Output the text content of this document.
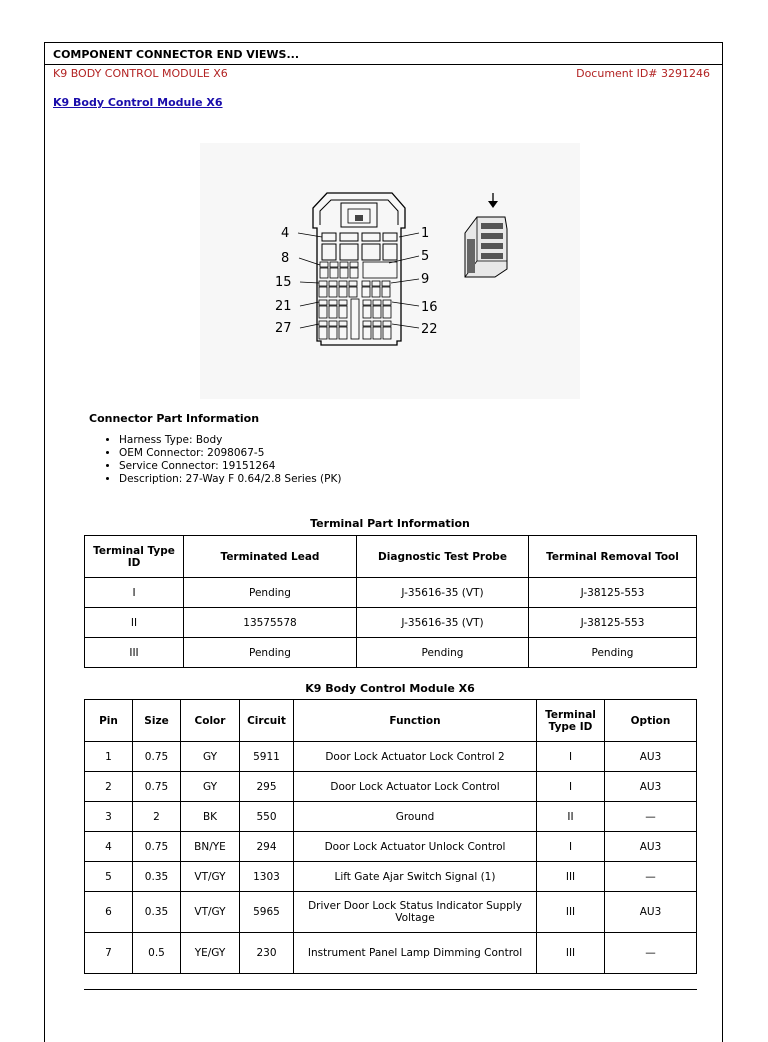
COMPONENT CONNECTOR END VIEWS...
K9 BODY CONTROL MODULE X6	Document ID# 3291246
K9 Body Control Module X6
4	1
8	5
15	9
21	16
27	22
Connector Part Information
• Harness Type: Body
• OEM Connector: 2098067-5
• Service Connector: 19151264
• Description: 27-Way F 0.64/2.8 Series (PK)
Terminal Part Information
Terminal Type ID	Terminated Lead	Diagnostic Test Probe	Terminal Removal Tool
I	Pending	J-35616-35 (VT)	J-38125-553
II	13575578	J-35616-35 (VT)	J-38125-553
III	Pending	Pending	Pending
K9 Body Control Module X6
Pin	Size	Color	Circuit	Function	Terminal Type ID	Option
1	0.75	GY	5911	Door Lock Actuator Lock Control 2	I	AU3
2	0.75	GY	295	Door Lock Actuator Lock Control	I	AU3
3	2	BK	550	Ground	II	—
4	0.75	BN/YE	294	Door Lock Actuator Unlock Control	I	AU3
5	0.35	VT/GY	1303	Lift Gate Ajar Switch Signal (1)	III	—
6	0.35	VT/GY	5965	Driver Door Lock Status Indicator Supply Voltage	III	AU3
7	0.5	YE/GY	230	Instrument Panel Lamp Dimming Control	III	—
